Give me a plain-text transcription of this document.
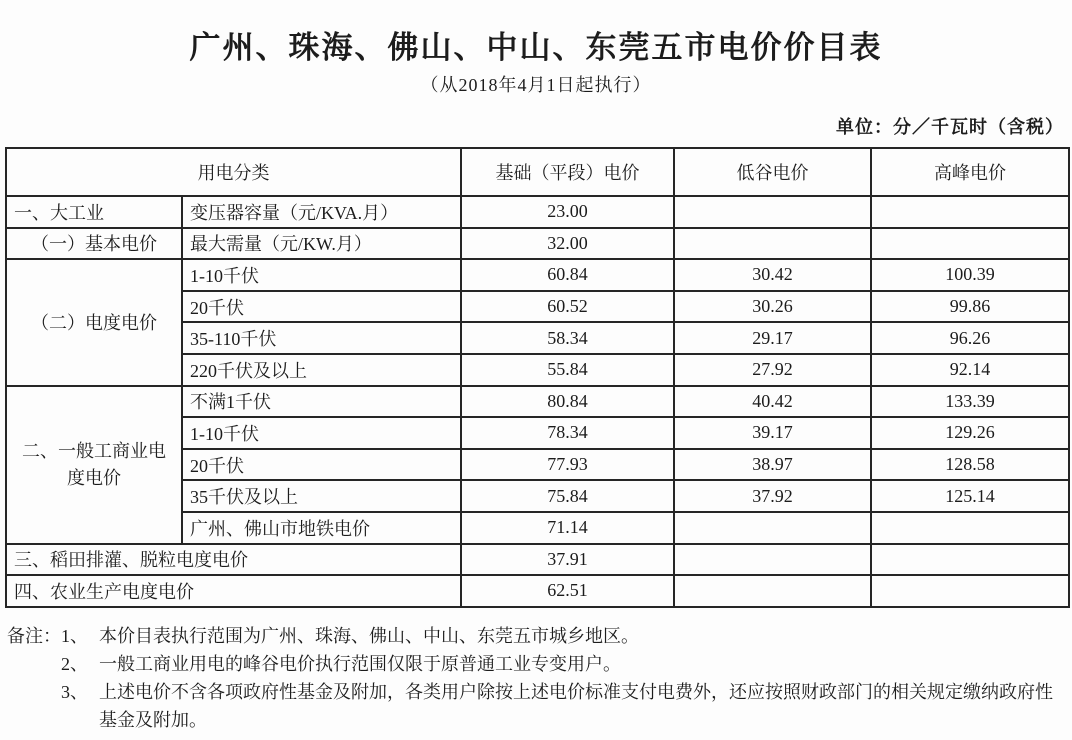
广州、珠海、佛山、中山、东莞五市电价价目表
（从2018年4月1日起执行）
单位：分／千瓦时（含税）
用电分类		基础（平段）电价	低谷电价	高峰电价
一、大工业	变压器容量（元/KVA.月）	23.00		
（一）基本电价	最大需量（元/KW.月）	32.00		
（二）电度电价	1-10千伏	60.84	30.42	100.39
	20千伏	60.52	30.26	99.86
	35-110千伏	58.34	29.17	96.26
	220千伏及以上	55.84	27.92	92.14

二、一般工商业电
度电价	不满1千伏	80.84	40.42	133.39
	1-10千伏	78.34	39.17	129.26
	20千伏	77.93	38.97	128.58
	35千伏及以上	75.84	37.92	125.14
	广州、佛山市地铁电价	71.14		
三、稻田排灌、脱粒电度电价		37.91		
四、农业生产电度电价		62.51		
备注： 1、 本价目表执行范围为广州、珠海、佛山、中山、东莞五市城乡地区。
2、 一般工商业用电的峰谷电价执行范围仅限于原普通工业专变用户。
3、 上述电价不含各项政府性基金及附加，各类用户除按上述电价标准支付电费外，还应按照财政部门的相关规定缴纳政府性基金及附加。
